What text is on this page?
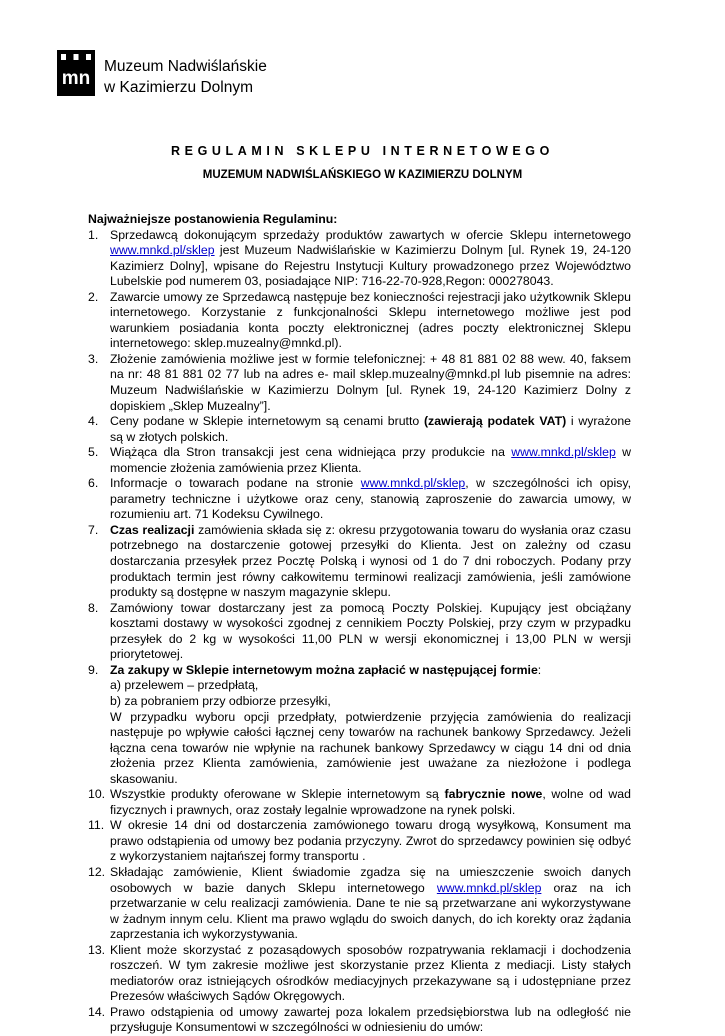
mn
Muzeum Nadwiślańskie
w Kazimierzu Dolnym
REGULAMIN SKLEPU INTERNETOWEGO
MUZEMUM NADWIŚLAŃSKIEGO W KAZIMIERZU DOLNYM
Najważniejsze postanowienia Regulaminu:
1. Sprzedawcą dokonującym sprzedaży produktów zawartych w ofercie Sklepu internetowego www.mnkd.pl/sklep jest Muzeum Nadwiślańskie w Kazimierzu Dolnym [ul. Rynek 19, 24-120 Kazimierz Dolny], wpisane do Rejestru Instytucji Kultury prowadzonego przez Województwo Lubelskie pod numerem 03, posiadające NIP: 716-22-70-928,Regon: 000278043.
2. Zawarcie umowy ze Sprzedawcą następuje bez konieczności rejestracji jako użytkownik Sklepu internetowego. Korzystanie z funkcjonalności Sklepu internetowego możliwe jest pod warunkiem posiadania konta poczty elektronicznej (adres poczty elektronicznej Sklepu internetowego: sklep.muzealny@mnkd.pl).
3. Złożenie zamówienia możliwe jest w formie telefonicznej: + 48 81 881 02 88 wew. 40, faksem na nr: 48 81 881 02 77 lub na adres e- mail sklep.muzealny@mnkd.pl lub pisemnie na adres: Muzeum Nadwiślańskie w Kazimierzu Dolnym [ul. Rynek 19, 24-120 Kazimierz Dolny z dopiskiem „Sklep Muzealny”].
4. Ceny podane w Sklepie internetowym są cenami brutto (zawierają podatek VAT) i wyrażone są w złotych polskich.
5. Wiążąca dla Stron transakcji jest cena widniejąca przy produkcie na www.mnkd.pl/sklep w momencie złożenia zamówienia przez Klienta.
6. Informacje o towarach podane na stronie www.mnkd.pl/sklep, w szczególności ich opisy, parametry techniczne i użytkowe oraz ceny, stanowią zaproszenie do zawarcia umowy, w rozumieniu art. 71 Kodeksu Cywilnego.
7. Czas realizacji zamówienia składa się z: okresu przygotowania towaru do wysłania oraz czasu potrzebnego na dostarczenie gotowej przesyłki do Klienta. Jest on zależny od czasu dostarczania przesyłek przez Pocztę Polską i wynosi od 1 do 7 dni roboczych. Podany przy produktach termin jest równy całkowitemu terminowi realizacji zamówienia, jeśli zamówione produkty są dostępne w naszym magazynie sklepu.
8. Zamówiony towar dostarczany jest za pomocą Poczty Polskiej. Kupujący jest obciążany kosztami dostawy w wysokości zgodnej z cennikiem Poczty Polskiej, przy czym w przypadku przesyłek do 2 kg w wysokości 11,00 PLN w wersji ekonomicznej i 13,00 PLN w wersji priorytetowej.
9. Za zakupy w Sklepie internetowym można zapłacić w następującej formie:
a) przelewem – przedpłatą,
b) za pobraniem przy odbiorze przesyłki,
W przypadku wyboru opcji przedpłaty, potwierdzenie przyjęcia zamówienia do realizacji następuje po wpływie całości łącznej ceny towarów na rachunek bankowy Sprzedawcy. Jeżeli łączna cena towarów nie wpłynie na rachunek bankowy Sprzedawcy w ciągu 14 dni od dnia złożenia przez Klienta zamówienia, zamówienie jest uważane za niezłożone i podlega skasowaniu.
10. Wszystkie produkty oferowane w Sklepie internetowym są fabrycznie nowe, wolne od wad fizycznych i prawnych, oraz zostały legalnie wprowadzone na rynek polski.
11. W okresie 14 dni od dostarczenia zamówionego towaru drogą wysyłkową, Konsument ma prawo odstąpienia od umowy bez podania przyczyny. Zwrot do sprzedawcy powinien się odbyć z wykorzystaniem najtańszej formy transportu .
12. Składając zamówienie, Klient świadomie zgadza się na umieszczenie swoich danych osobowych w bazie danych Sklepu internetowego www.mnkd.pl/sklep oraz na ich przetwarzanie w celu realizacji zamówienia. Dane te nie są przetwarzane ani wykorzystywane w żadnym innym celu. Klient ma prawo wglądu do swoich danych, do ich korekty oraz żądania zaprzestania ich wykorzystywania.
13. Klient może skorzystać z pozasądowych sposobów rozpatrywania reklamacji i dochodzenia roszczeń. W tym zakresie możliwe jest skorzystanie przez Klienta z mediacji. Listy stałych mediatorów oraz istniejących ośrodków mediacyjnych przekazywane są i udostępniane przez Prezesów właściwych Sądów Okręgowych.
14. Prawo odstąpienia od umowy zawartej poza lokalem przedsiębiorstwa lub na odległość nie przysługuje Konsumentowi w szczególności w odniesieniu do umów:
